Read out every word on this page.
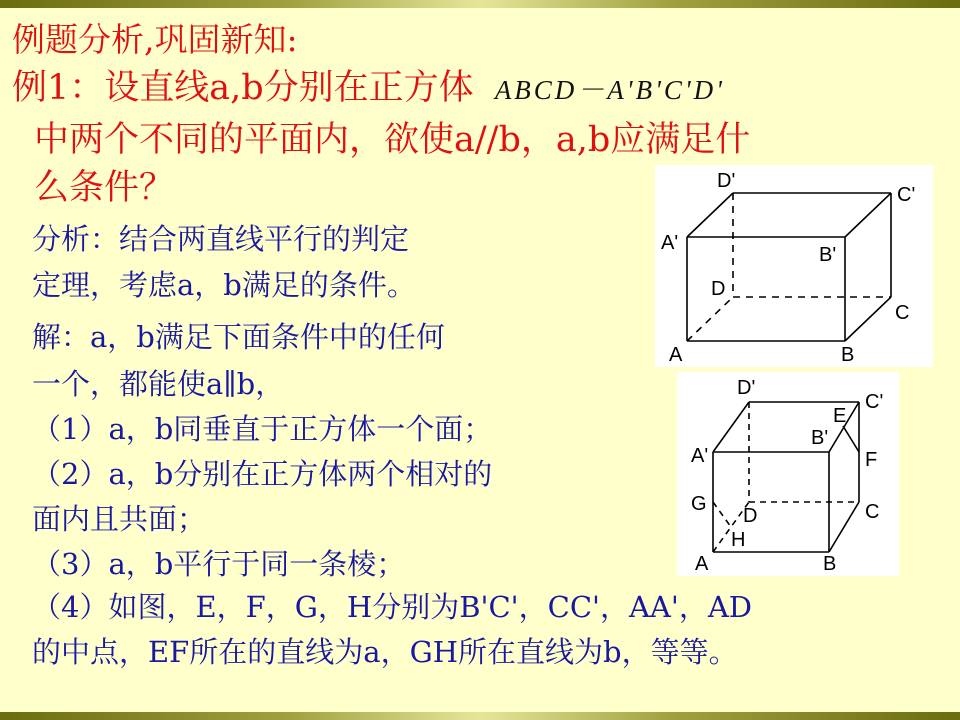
例题分析,巩固新知:
例1：设直线a,b分别在正方体 ABCD－A'B'C'D'
中两个不同的平面内，欲使a//b，a,b应满足什
么条件？
分析：结合两直线平行的判定
定理，考虑a，b满足的条件。
解：a，b满足下面条件中的任何
一个，都能使a∥b，
（1）a，b同垂直于正方体一个面；
（2）a，b分别在正方体两个相对的
面内且共面；
（3）a，b平行于同一条棱；
（4）如图，E，F，G，H分别为B'C'，CC'，AA'，AD
的中点，EF所在的直线为a，GH所在直线为b，等等。
A	B
C
D
A'
B'
C'
D'
A	B
C
D
A'
B'
C'
D'
E
F
G
H
